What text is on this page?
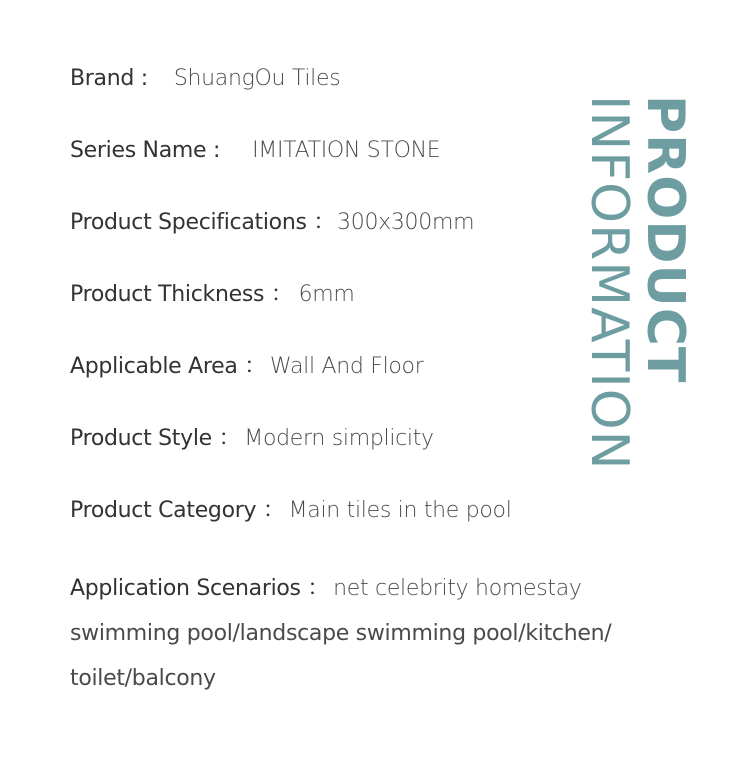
Brand : ShuangOu Tiles
Series Name : IMITATION STONE
Product Specifications ：300x300mm
Product Thickness ： 6mm
Applicable Area ： Wall And Floor
Product Style ： Modern simplicity
Product Category ： Main tiles in the pool
Application Scenarios ： net celebrity homestay
swimming pool/landscape swimming pool/kitchen/
toilet/balcony
PRODUCT
INFORMATION
